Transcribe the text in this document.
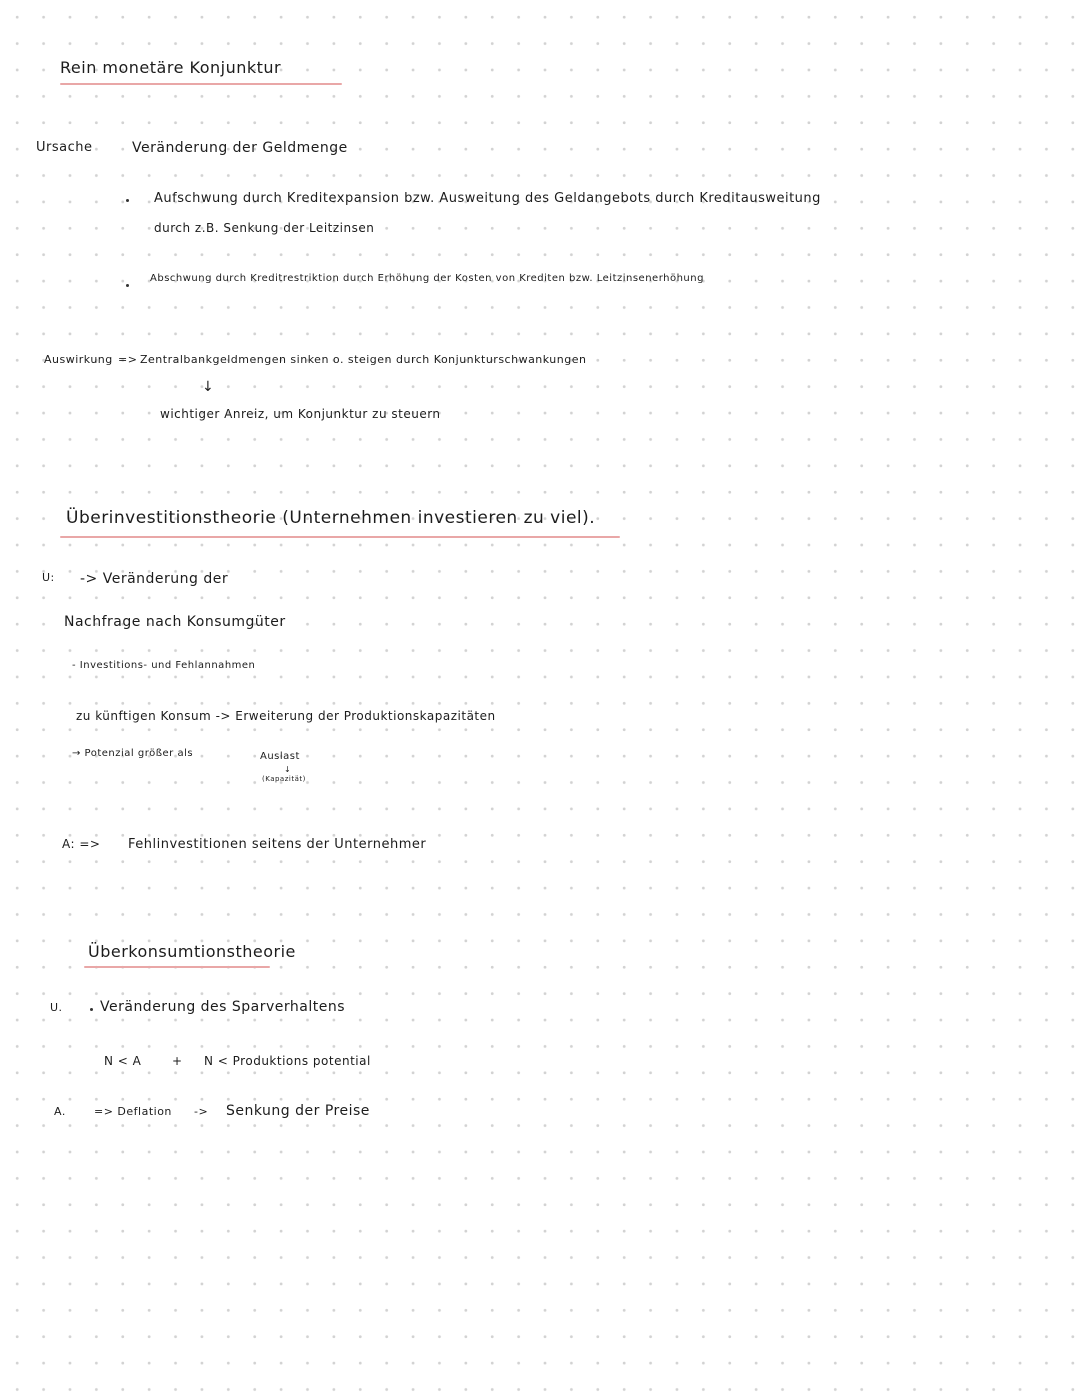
Rein monetäre Konjunktur
Ursache	Veränderung der Geldmenge
Aufschwung durch Kreditexpansion bzw. Ausweitung des Geldangebots durch Kreditausweitung
durch z.B. Senkung der Leitzinsen
Abschwung durch Kreditrestriktion durch Erhöhung der Kosten von Krediten bzw. Leitzinsenerhöhung
Auswirkung => Zentralbankgeldmengen sinken o. steigen durch Konjunkturschwankungen
↓
wichtiger Anreiz, um Konjunktur zu steuern
Überinvestitionstheorie (Unternehmen investieren zu viel).
U: -> Veränderung der
Nachfrage nach Konsumgüter
- Investitions- und Fehlannahmen
zu künftigen Konsum -> Erweiterung der Produktionskapazitäten
→ Potenzial größer als	Auslast
↓
(Kapazität)
A: => Fehlinvestitionen seitens der Unternehmer
Überkonsumtionstheorie
U.	Veränderung des Sparverhaltens
N < A	+ N < Produktions potential
A.	=> Deflation -> Senkung der Preise
